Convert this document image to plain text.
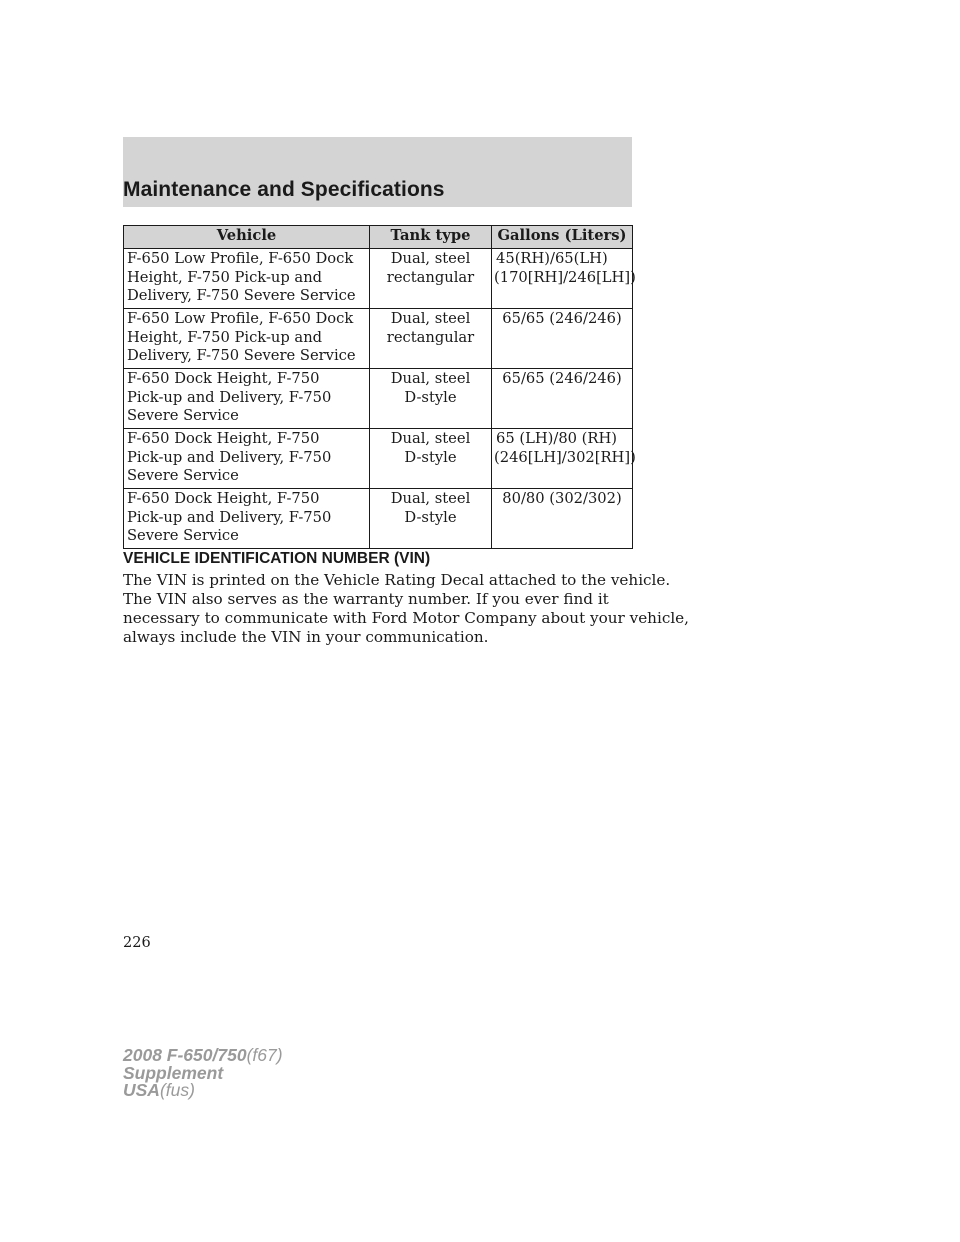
Maintenance and Specifications
Vehicle	Tank type	Gallons (Liters)

F-650 Low Profile, F-650 Dock
Height, F-750 Pick-up and
Delivery, F-750 Severe Service	Dual, steel
rectangular	45(RH)/65(LH)
(170[RH]/246[LH])

F-650 Low Profile, F-650 Dock
Height, F-750 Pick-up and
Delivery, F-750 Severe Service	Dual, steel
rectangular	65/65 (246/246)

F-650 Dock Height, F-750
Pick-up and Delivery, F-750
Severe Service	Dual, steel
D-style	65/65 (246/246)

F-650 Dock Height, F-750
Pick-up and Delivery, F-750
Severe Service	Dual, steel
D-style	65 (LH)/80 (RH)
(246[LH]/302[RH])

F-650 Dock Height, F-750
Pick-up and Delivery, F-750
Severe Service	Dual, steel
D-style	80/80 (302/302)
VEHICLE IDENTIFICATION NUMBER (VIN)
The VIN is printed on the Vehicle Rating Decal attached to the vehicle.
The VIN also serves as the warranty number. If you ever find it
necessary to communicate with Ford Motor Company about your vehicle,
always include the VIN in your communication.
226
2008 F-650/750(f67)
Supplement
USA(fus)
